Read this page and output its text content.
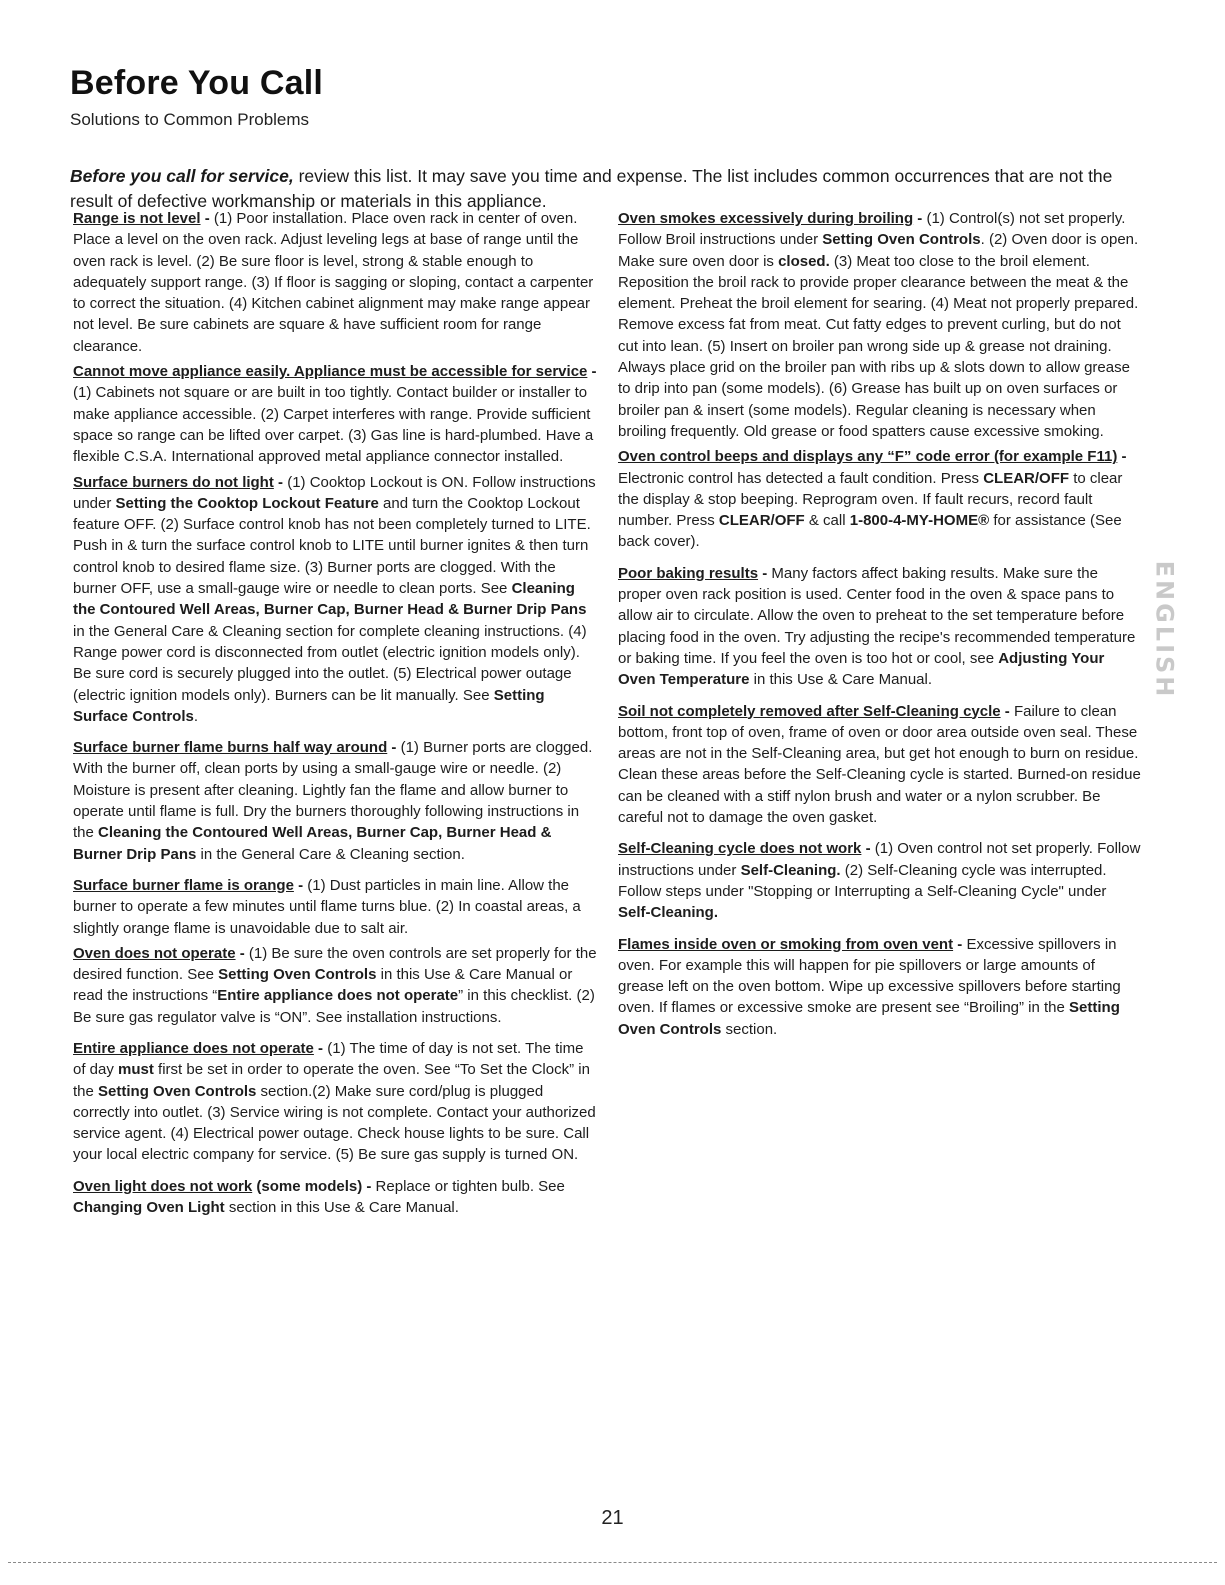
Before You Call
Solutions to Common Problems

Before you call for service, review this list. It may save you time and expense. The list includes common occurrences that are not the result of defective workmanship or materials in this appliance.

Range is not level - (1) Poor installation. Place oven rack in center of oven. Place a level on the oven rack. Adjust leveling legs at base of range until the oven rack is level. (2) Be sure floor is level, strong & stable enough to adequately support range. (3) If floor is sagging or sloping, contact a carpenter to correct the situation. (4) Kitchen cabinet alignment may make range appear not level. Be sure cabinets are square & have sufficient room for range clearance.

Cannot move appliance easily. Appliance must be accessible for service - (1) Cabinets not square or are built in too tightly. Contact builder or installer to make appliance accessible. (2) Carpet interferes with range. Provide sufficient space so range can be lifted over carpet. (3) Gas line is hard-plumbed. Have a flexible C.S.A. International approved metal appliance connector installed.

Surface burners do not light - (1) Cooktop Lockout is ON. Follow instructions under Setting the Cooktop Lockout Feature and turn the Cooktop Lockout feature OFF. (2) Surface control knob has not been completely turned to LITE. Push in & turn the surface control knob to LITE until burner ignites & then turn control knob to desired flame size. (3) Burner ports are clogged. With the burner OFF, use a small-gauge wire or needle to clean ports. See Cleaning the Contoured Well Areas, Burner Cap, Burner Head & Burner Drip Pans in the General Care & Cleaning section for complete cleaning instructions. (4) Range power cord is disconnected from outlet (electric ignition models only). Be sure cord is securely plugged into the outlet. (5) Electrical power outage (electric ignition models only). Burners can be lit manually. See Setting Surface Controls.

Surface burner flame burns half way around - (1) Burner ports are clogged. With the burner off, clean ports by using a small-gauge wire or needle. (2) Moisture is present after cleaning. Lightly fan the flame and allow burner to operate until flame is full. Dry the burners thoroughly following instructions in the Cleaning the Contoured Well Areas, Burner Cap, Burner Head & Burner Drip Pans in the General Care & Cleaning section.

Surface burner flame is orange - (1) Dust particles in main line. Allow the burner to operate a few minutes until flame turns blue. (2) In coastal areas, a slightly orange flame is unavoidable due to salt air.

Oven does not operate - (1) Be sure the oven controls are set properly for the desired function. See Setting Oven Controls in this Use & Care Manual or read the instructions “Entire appliance does not operate” in this checklist. (2) Be sure gas regulator valve is “ON”. See installation instructions.

Entire appliance does not operate - (1) The time of day is not set. The time of day must first be set in order to operate the oven. See “To Set the Clock” in the Setting Oven Controls section.(2) Make sure cord/plug is plugged correctly into outlet. (3) Service wiring is not complete. Contact your authorized service agent. (4) Electrical power outage. Check house lights to be sure. Call your local electric company for service. (5) Be sure gas supply is turned ON.

Oven light does not work (some models) - Replace or tighten bulb. See Changing Oven Light section in this Use & Care Manual.

Oven smokes excessively during broiling - (1) Control(s) not set properly. Follow Broil instructions under Setting Oven Controls. (2) Oven door is open. Make sure oven door is closed. (3) Meat too close to the broil element. Reposition the broil rack to provide proper clearance between the meat & the element. Preheat the broil element for searing. (4) Meat not properly prepared. Remove excess fat from meat. Cut fatty edges to prevent curling, but do not cut into lean. (5) Insert on broiler pan wrong side up & grease not draining. Always place grid on the broiler pan with ribs up & slots down to allow grease to drip into pan (some models). (6) Grease has built up on oven surfaces or broiler pan & insert (some models). Regular cleaning is necessary when broiling frequently. Old grease or food spatters cause excessive smoking.

Oven control beeps and displays any “F” code error (for example F11) - Electronic control has detected a fault condition. Press CLEAR/OFF to clear the display & stop beeping. Reprogram oven. If fault recurs, record fault number. Press CLEAR/OFF & call 1-800-4-MY-HOME® for assistance (See back cover).

Poor baking results - Many factors affect baking results. Make sure the proper oven rack position is used. Center food in the oven & space pans to allow air to circulate. Allow the oven to preheat to the set temperature before placing food in the oven. Try adjusting the recipe's recommended temperature or baking time. If you feel the oven is too hot or cool, see Adjusting Your Oven Temperature in this Use & Care Manual.

Soil not completely removed after Self-Cleaning cycle - Failure to clean bottom, front top of oven, frame of oven or door area outside oven seal. These areas are not in the Self-Cleaning area, but get hot enough to burn on residue. Clean these areas before the Self-Cleaning cycle is started. Burned-on residue can be cleaned with a stiff nylon brush and water or a nylon scrubber. Be careful not to damage the oven gasket.

Self-Cleaning cycle does not work - (1) Oven control not set properly. Follow instructions under Self-Cleaning. (2) Self-Cleaning cycle was interrupted. Follow steps under "Stopping or Interrupting a Self-Cleaning Cycle" under Self-Cleaning.

Flames inside oven or smoking from oven vent - Excessive spillovers in oven. For example this will happen for pie spillovers or large amounts of grease left on the oven bottom. Wipe up excessive spillovers before starting oven. If flames or excessive smoke are present see “Broiling” in the Setting Oven Controls section.

ENGLISH
21
